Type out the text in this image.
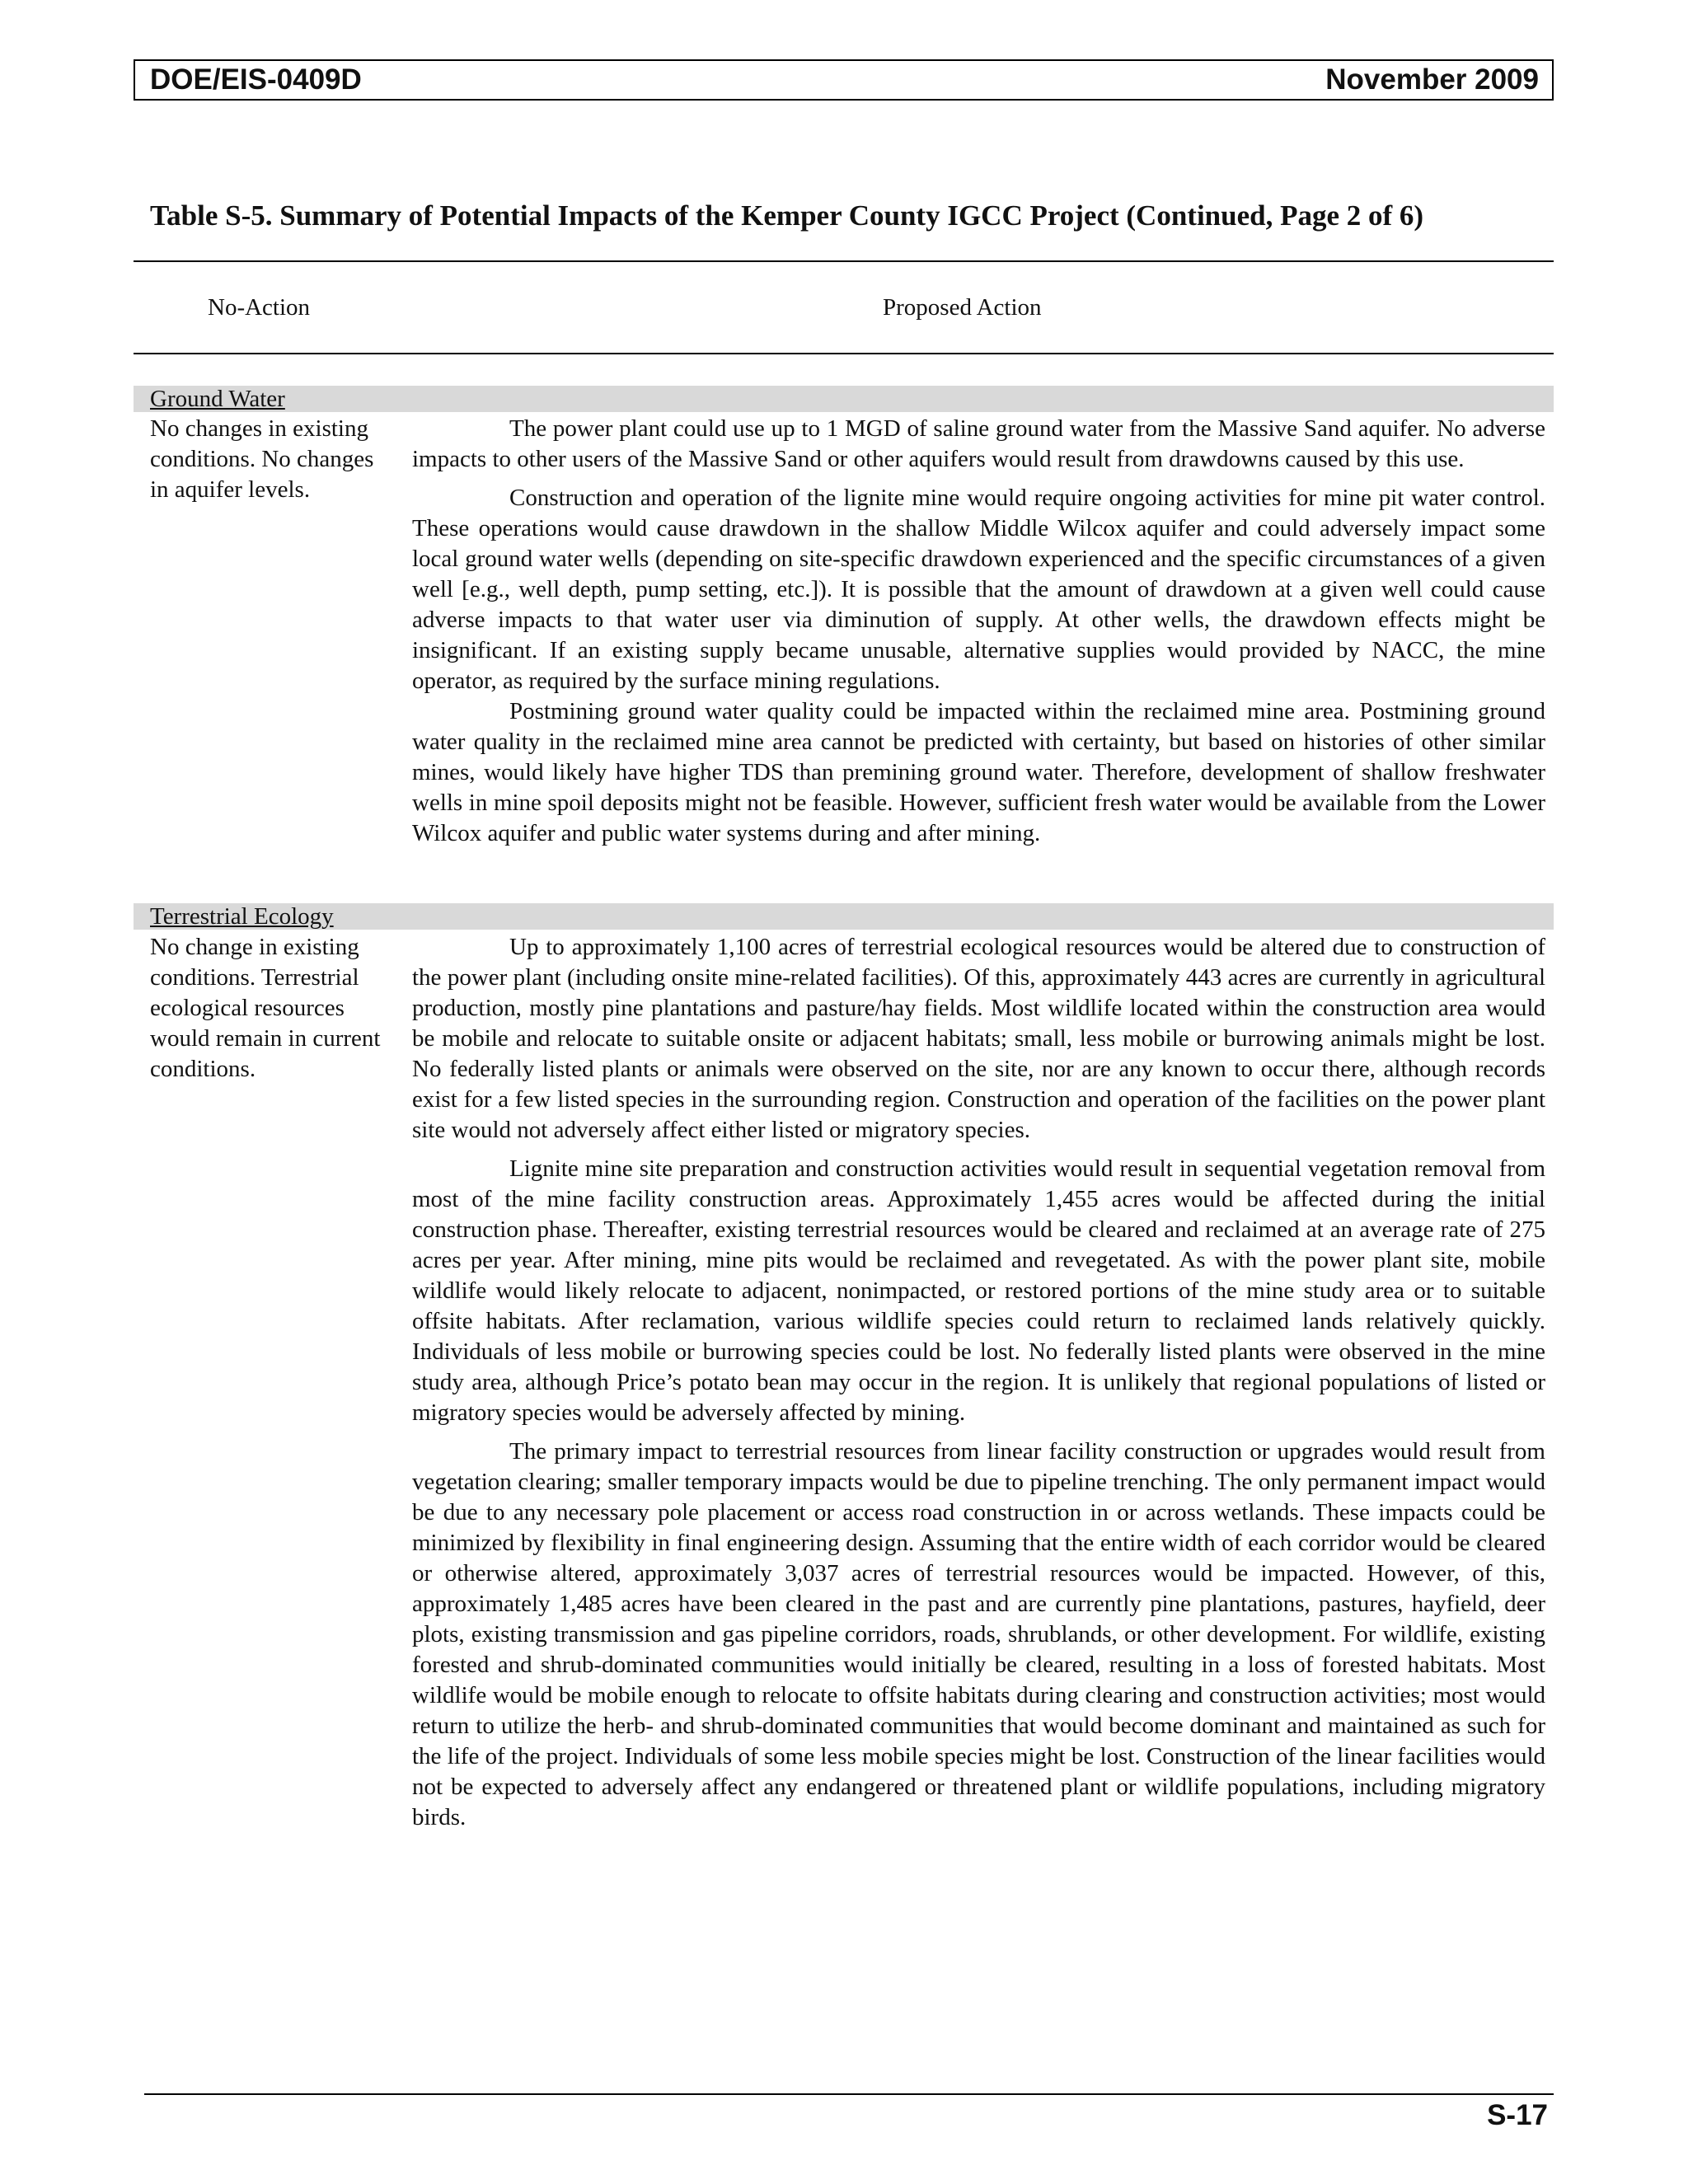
DOE/EIS-0409D	November 2009
Table S-5. Summary of Potential Impacts of the Kemper County IGCC Project (Continued, Page 2 of 6)
No-Action	Proposed Action
Ground Water
No changes in existing conditions. No changes in aquifer levels.

The power plant could use up to 1 MGD of saline ground water from the Massive Sand aquifer. No adverse impacts to other users of the Massive Sand or other aquifers would result from drawdowns caused by this use.

Construction and operation of the lignite mine would require ongoing activities for mine pit water control. These operations would cause drawdown in the shallow Middle Wilcox aquifer and could adversely impact some local ground water wells (depending on site-specific drawdown experienced and the specific circumstances of a given well [e.g., well depth, pump setting, etc.]). It is possible that the amount of drawdown at a given well could cause adverse impacts to that water user via diminution of supply. At other wells, the drawdown effects might be insignificant. If an existing supply became unusable, alternative supplies would provided by NACC, the mine operator, as required by the surface mining regulations.

Postmining ground water quality could be impacted within the reclaimed mine area. Postmining ground water quality in the reclaimed mine area cannot be predicted with certainty, but based on histories of other similar mines, would likely have higher TDS than premining ground water. Therefore, development of shallow freshwater wells in mine spoil deposits might not be feasible. However, sufficient fresh water would be available from the Lower Wilcox aquifer and public water systems during and after mining.

Terrestrial Ecology
No change in existing conditions. Terrestrial ecological resources would remain in current conditions.

Up to approximately 1,100 acres of terrestrial ecological resources would be altered due to construction of the power plant (including onsite mine-related facilities). Of this, approximately 443 acres are currently in agricultural production, mostly pine plantations and pasture/hay fields. Most wildlife located within the construction area would be mobile and relocate to suitable onsite or adjacent habitats; small, less mobile or burrowing animals might be lost. No federally listed plants or animals were observed on the site, nor are any known to occur there, although records exist for a few listed species in the surrounding region. Construction and operation of the facilities on the power plant site would not adversely affect either listed or migratory species.

Lignite mine site preparation and construction activities would result in sequential vegetation removal from most of the mine facility construction areas. Approximately 1,455 acres would be affected during the initial construction phase. Thereafter, existing terrestrial resources would be cleared and reclaimed at an average rate of 275 acres per year. After mining, mine pits would be reclaimed and revegetated. As with the power plant site, mobile wildlife would likely relocate to adjacent, nonimpacted, or restored portions of the mine study area or to suitable offsite habitats. After reclamation, various wildlife species could return to reclaimed lands relatively quickly. Individuals of less mobile or burrowing species could be lost. No federally listed plants were observed in the mine study area, although Price’s potato bean may occur in the region. It is unlikely that regional populations of listed or migratory species would be adversely affected by mining.

The primary impact to terrestrial resources from linear facility construction or upgrades would result from vegetation clearing; smaller temporary impacts would be due to pipeline trenching. The only permanent impact would be due to any necessary pole placement or access road construction in or across wetlands. These impacts could be minimized by flexibility in final engineering design. Assuming that the entire width of each corridor would be cleared or otherwise altered, approximately 3,037 acres of terrestrial resources would be impacted. However, of this, approximately 1,485 acres have been cleared in the past and are currently pine plantations, pastures, hayfield, deer plots, existing transmission and gas pipeline corridors, roads, shrublands, or other development. For wildlife, existing forested and shrub-dominated communities would initially be cleared, resulting in a loss of forested habitats. Most wildlife would be mobile enough to relocate to offsite habitats during clearing and construction activities; most would return to utilize the herb- and shrub-dominated communities that would become dominant and maintained as such for the life of the project. Individuals of some less mobile species might be lost. Construction of the linear facilities would not be expected to adversely affect any endangered or threatened plant or wildlife populations, including migratory birds.

S-17
